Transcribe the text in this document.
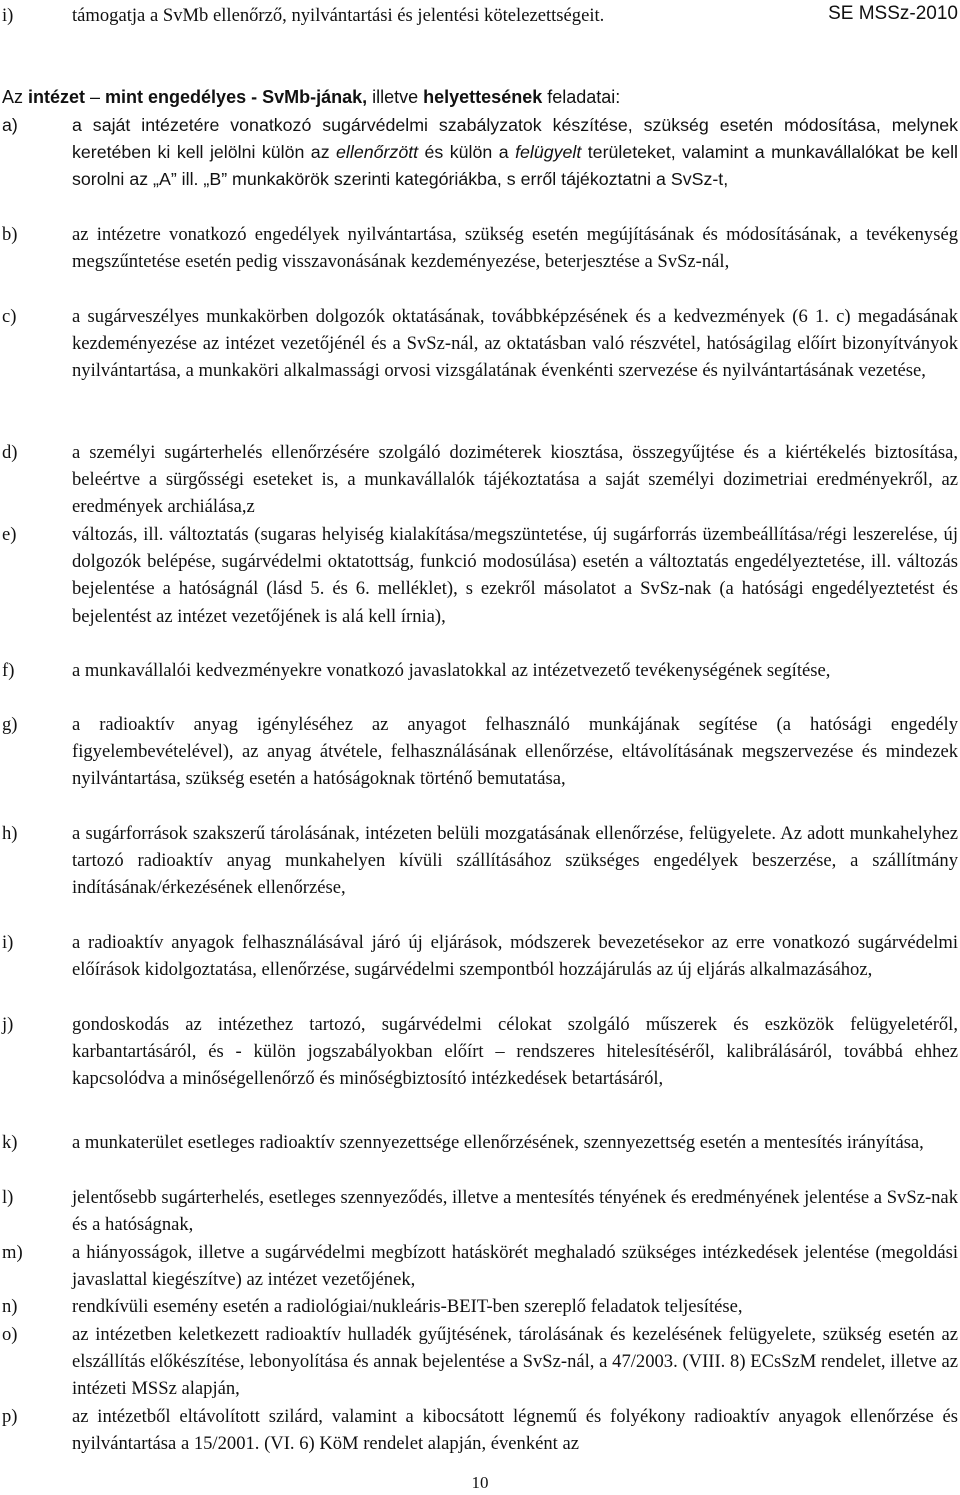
SE MSSz-2010
i)	támogatja a SvMb ellenőrző, nyilvántartási és jelentési kötelezettségeit.
Az intézet – mint engedélyes - SvMb-jának, illetve helyettesének feladatai:
a)	a saját intézetére vonatkozó sugárvédelmi szabályzatok készítése, szükség esetén módosítása, melynek keretében ki kell jelölni külön az ellenőrzött és külön a felügyelt területeket, valamint a munkavállalókat be kell sorolni az „A” ill. „B” munkakörök szerinti kategóriákba, s erről tájékoztatni a SvSz-t,
b)	az intézetre vonatkozó engedélyek nyilvántartása, szükség esetén megújításának és módosításának, a tevékenység megszűntetése esetén pedig visszavonásának kezdeményezése, beterjesztése a SvSz-nál,
c)	a sugárveszélyes munkakörben dolgozók oktatásának, továbbképzésének és a kedvezmények (6 1. c) megadásának kezdeményezése az intézet vezetőjénél és a SvSz-nál, az oktatásban való részvétel, hatóságilag előírt bizonyítványok nyilvántartása, a munkaköri alkalmassági orvosi vizsgálatának évenkénti szervezése és nyilvántartásának vezetése,
d)	a személyi sugárterhelés ellenőrzésére szolgáló doziméterek kiosztása, összegyűjtése és a kiértékelés biztosítása, beleértve a sürgősségi eseteket is, a munkavállalók tájékoztatása a saját személyi dozimetriai eredményekről, az eredmények archiálása,z
e)	változás, ill. változtatás (sugaras helyiség kialakítása/megszüntetése, új sugárforrás üzembeállítása/régi leszerelése, új dolgozók belépése, sugárvédelmi oktatottság, funkció modosúlása) esetén a változtatás engedélyeztetése, ill. változás bejelentése a hatóságnál (lásd 5. és 6. melléklet), s ezekről másolatot a SvSz-nak (a hatósági engedélyeztetést és bejelentést az intézet vezetőjének is alá kell írnia),
f)	a munkavállalói kedvezményekre vonatkozó javaslatokkal az intézetvezető tevékenységének segítése,
g)	a radioaktív anyag igényléséhez az anyagot felhasználó munkájának segítése (a hatósági engedély figyelembevételével), az anyag átvétele, felhasználásának ellenőrzése, eltávolításának megszervezése és mindezek nyilvántartása, szükség esetén a hatóságoknak történő bemutatása,
h)	a sugárforrások szakszerű tárolásának, intézeten belüli mozgatásának ellenőrzése, felügyelete. Az adott munkahelyhez tartozó radioaktív anyag munkahelyen kívüli szállításához szükséges engedélyek beszerzése, a szállítmány indításának/érkezésének ellenőrzése,
i)	a radioaktív anyagok felhasználásával járó új eljárások, módszerek bevezetésekor az erre vonatkozó sugárvédelmi előírások kidolgoztatása, ellenőrzése, sugárvédelmi szempontból hozzájárulás az új eljárás alkalmazásához,
j)	gondoskodás az intézethez tartozó, sugárvédelmi célokat szolgáló műszerek és eszközök felügyeletéről, karbantartásáról, és - külön jogszabályokban előírt – rendszeres hitelesítéséről, kalibrálásáról, továbbá ehhez kapcsolódva a minőségellenőrző és minőségbiztosító intézkedések betartásáról,
k)	a munkaterület esetleges radioaktív szennyezettsége ellenőrzésének, szennyezettség esetén a mentesítés irányítása,
l)	jelentősebb sugárterhelés, esetleges szennyeződés, illetve a mentesítés tényének és eredményének jelentése a SvSz-nak és a hatóságnak,
m)	a hiányosságok, illetve a sugárvédelmi megbízott hatáskörét meghaladó szükséges intézkedések jelentése (megoldási javaslattal kiegészítve) az intézet vezetőjének,
n)	rendkívüli esemény esetén a radiológiai/nukleáris-BEIT-ben szereplő feladatok teljesítése,
o)	az intézetben keletkezett radioaktív hulladék gyűjtésének, tárolásának és kezelésének felügyelete, szükség esetén az elszállítás előkészítése, lebonyolítása és annak bejelentése a SvSz-nál, a 47/2003. (VIII. 8) ECsSzM rendelet, illetve az intézeti MSSz alapján,
p)	az intézetből eltávolított szilárd, valamint a kibocsátott légnemű és folyékony radioaktív anyagok ellenőrzése és nyilvántartása a 15/2001. (VI. 6) KöM rendelet alapján, évenként az
10
